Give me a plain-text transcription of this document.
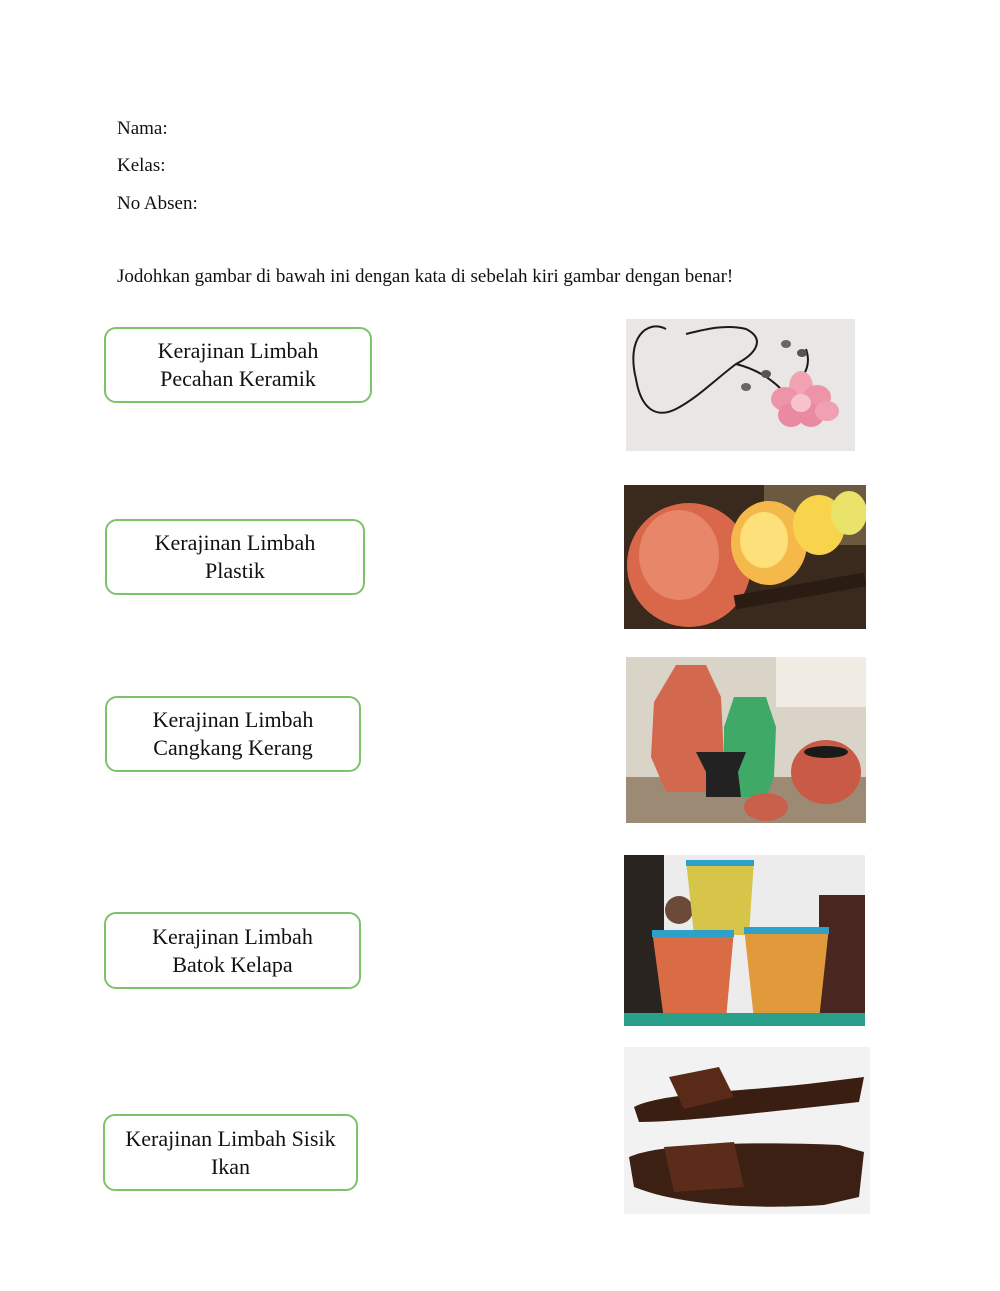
Nama:
Kelas:
No Absen:
Jodohkan gambar di bawah ini dengan kata di sebelah kiri gambar dengan benar!
Kerajinan Limbah
Pecahan Keramik
Kerajinan Limbah
Plastik
Kerajinan Limbah
Cangkang Kerang
Kerajinan Limbah
Batok Kelapa
Kerajinan Limbah Sisik
Ikan
